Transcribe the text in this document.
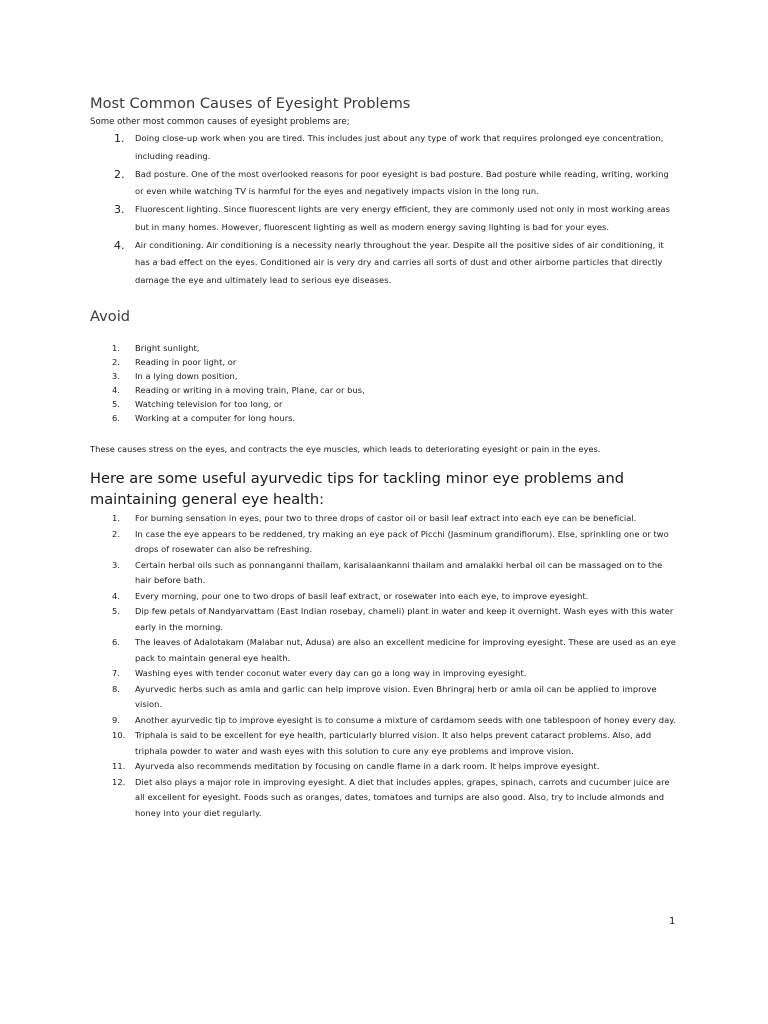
Most Common Causes of Eyesight Problems

Some other most common causes of eyesight problems are;

1. Doing close-up work when you are tired. This includes just about any type of work that requires prolonged eye concentration, including reading.
2. Bad posture. One of the most overlooked reasons for poor eyesight is bad posture. Bad posture while reading, writing, working or even while watching TV is harmful for the eyes and negatively impacts vision in the long run.
3. Fluorescent lighting. Since fluorescent lights are very energy efficient, they are commonly used not only in most working areas but in many homes. However, fluorescent lighting as well as modern energy saving lighting is bad for your eyes.
4. Air conditioning. Air conditioning is a necessity nearly throughout the year. Despite all the positive sides of air conditioning, it has a bad effect on the eyes. Conditioned air is very dry and carries all sorts of dust and other airborne particles that directly damage the eye and ultimately lead to serious eye diseases.
Avoid
1. Bright sunlight,
2. Reading in poor light, or
3. In a lying down position,
4. Reading or writing in a moving train, Plane, car or bus,
5. Watching television for too long, or
6. Working at a computer for long hours.

These causes stress on the eyes, and contracts the eye muscles, which leads to deteriorating eyesight or pain in the eyes.

Here are some useful ayurvedic tips for tackling minor eye problems and maintaining general eye health:
1. For burning sensation in eyes, pour two to three drops of castor oil or basil leaf extract into each eye can be beneficial.
2. In case the eye appears to be reddened, try making an eye pack of Picchi (Jasminum grandiflorum). Else, sprinkling one or two drops of rosewater can also be refreshing.
3. Certain herbal oils such as ponnanganni thailam, karisalaankanni thailam and amalakki herbal oil can be massaged on to the hair before bath.
4. Every morning, pour one to two drops of basil leaf extract, or rosewater into each eye, to improve eyesight.
5. Dip few petals of Nandyarvattam (East Indian rosebay, chameli) plant in water and keep it overnight. Wash eyes with this water early in the morning.
6. The leaves of Adalotakam (Malabar nut, Adusa) are also an excellent medicine for improving eyesight. These are used as an eye pack to maintain general eye health.
7. Washing eyes with tender coconut water every day can go a long way in improving eyesight.
8. Ayurvedic herbs such as amla and garlic can help improve vision. Even Bhringraj herb or amla oil can be applied to improve vision.
9. Another ayurvedic tip to improve eyesight is to consume a mixture of cardamom seeds with one tablespoon of honey every day.
10. Triphala is said to be excellent for eye health, particularly blurred vision. It also helps prevent cataract problems. Also, add triphala powder to water and wash eyes with this solution to cure any eye problems and improve vision.
11. Ayurveda also recommends meditation by focusing on candle flame in a dark room. It helps improve eyesight.
12. Diet also plays a major role in improving eyesight. A diet that includes apples, grapes, spinach, carrots and cucumber juice are all excellent for eyesight. Foods such as oranges, dates, tomatoes and turnips are also good. Also, try to include almonds and honey into your diet regularly.
1
